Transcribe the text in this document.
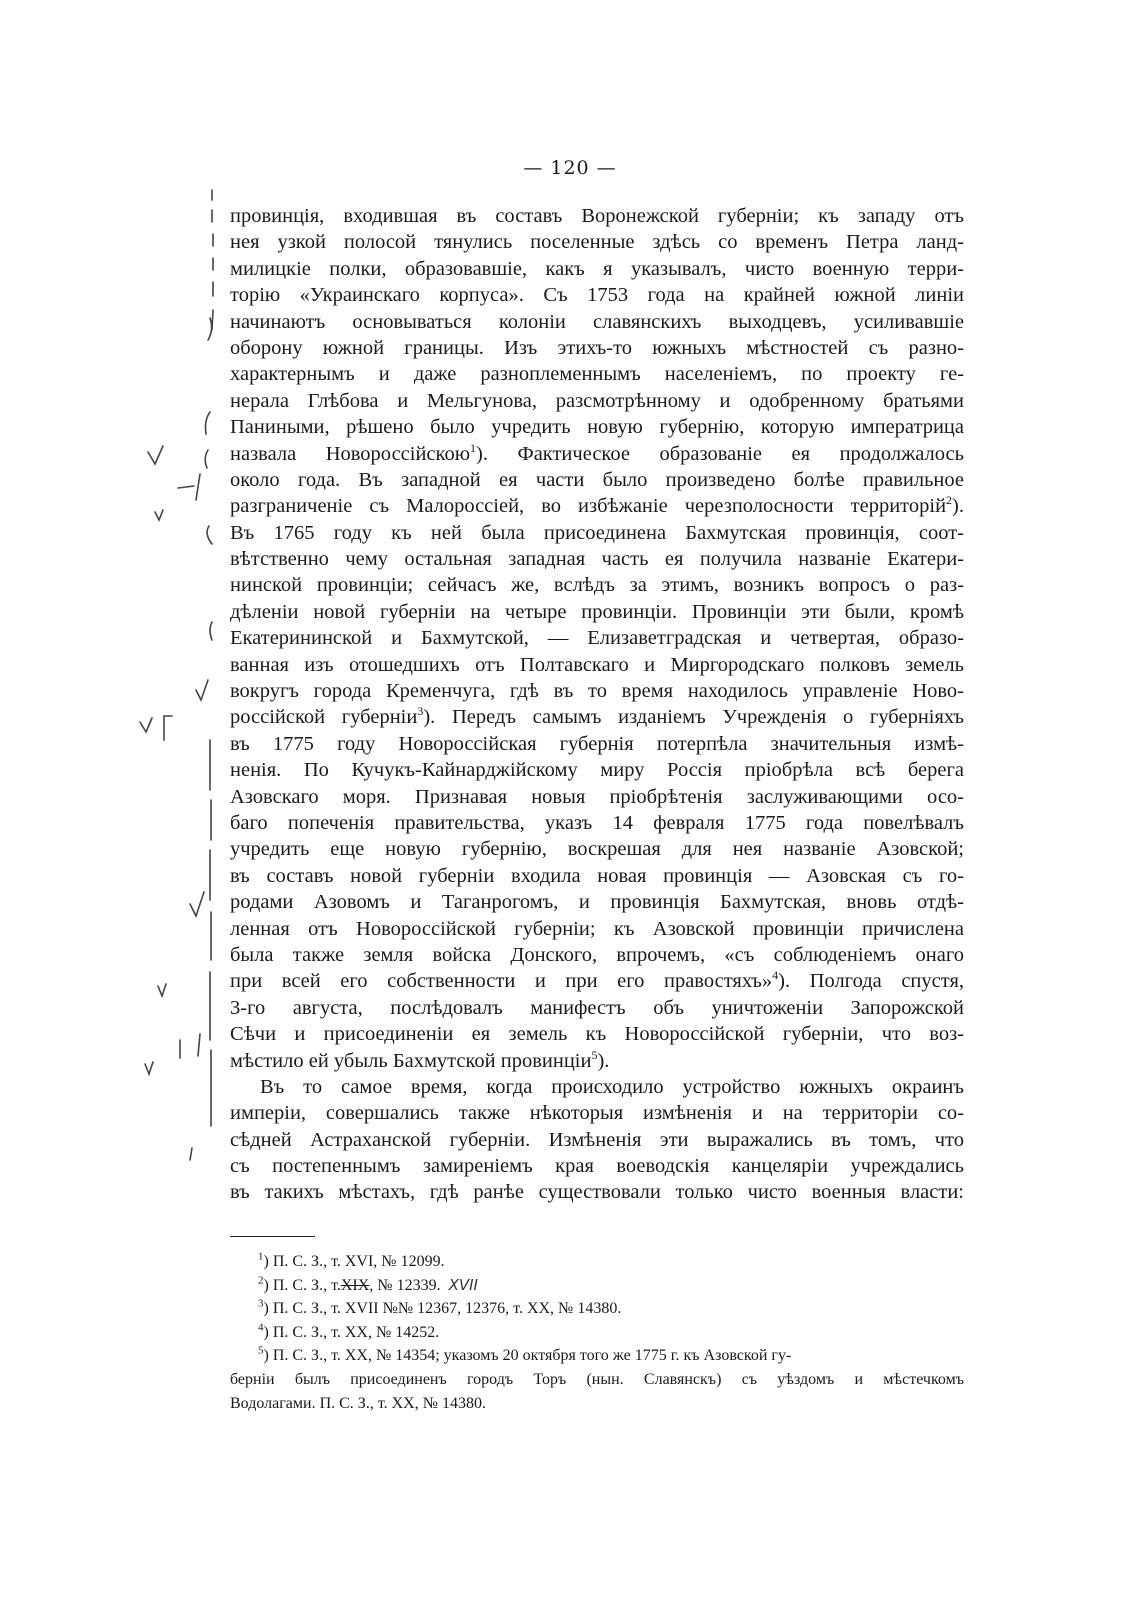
— 120 —
провинція, входившая въ составъ Воронежской губерніи; къ западу отъ
нея узкой полосой тянулись поселенные здѣсь со временъ Петра ланд-
милицкіе полки, образовавшіе, какъ я указывалъ, чисто военную терри-
торію «Украинскаго корпуса». Съ 1753 года на крайней южной линіи
начинаютъ основываться колоніи славянскихъ выходцевъ, усиливавшіе
оборону южной границы. Изъ этихъ-то южныхъ мѣстностей съ разно-
характернымъ и даже разноплеменнымъ населеніемъ, по проекту ге-
нерала Глѣбова и Мельгунова, разсмотрѣнному и одобренному братьями
Паниными, рѣшено было учредить новую губернію, которую императрица
назвала Новороссійскою$^1$). Фактическое образованіе ея продолжалось
около года. Въ западной ея части было произведено болѣе правильное
разграниченіе съ Малороссіей, во избѣжаніе черезполосности территорій$^2$).
Въ 1765 году къ ней была присоединена Бахмутская провинція, соот-
вѣтственно чему остальная западная часть ея получила названіе Екатери-
нинской провинціи; сейчасъ же, вслѣдъ за этимъ, возникъ вопросъ о раз-
дѣленіи новой губерніи на четыре провинціи. Провинціи эти были, кромѣ
Екатерининской и Бахмутской, — Елизаветградская и четвертая, образо-
ванная изъ отошедшихъ отъ Полтавскаго и Миргородскаго полковъ земель
вокругъ города Кременчуга, гдѣ въ то время находилось управленіе Ново-
россійской губерніи$^3$). Передъ самымъ изданіемъ Учрежденія о губерніяхъ
въ 1775 году Новороссійская губернія потерпѣла значительныя измѣ-
ненія. По Кучукъ-Кайнарджійскому миру Россія пріобрѣла всѣ берега
Азовскаго моря. Признавая новыя пріобрѣтенія заслуживающими осо-
баго попеченія правительства, указъ 14 февраля 1775 года повелѣвалъ
учредить еще новую губернію, воскрешая для нея названіе Азовской;
въ составъ новой губерніи входила новая провинція — Азовская съ го-
родами Азовомъ и Таганрогомъ, и провинція Бахмутская, вновь отдѣ-
ленная отъ Новороссійской губерніи; къ Азовской провинціи причислена
была также земля войска Донского, впрочемъ, «съ соблюденіемъ онаго
при всей его собственности и при его правостяхъ»$^4$). Полгода спустя,
3-го августа, послѣдовалъ манифестъ объ уничтоженіи Запорожской
Сѣчи и присоединеніи ея земель къ Новороссійской губерніи, что воз-
мѣстило ей убыль Бахмутской провинціи$^5$).
Въ то самое время, когда происходило устройство южныхъ окраинъ
имперіи, совершались также нѣкоторыя измѣненія и на территоріи со-
сѣдней Астраханской губерніи. Измѣненія эти выражались въ томъ, что
съ постепеннымъ замиреніемъ края воеводскія канцеляріи учреждались
въ такихъ мѣстахъ, гдѣ ранѣе существовали только чисто военныя власти:
$^1$) П. С. З., т. XVI, № 12099.
$^2$) П. С. З., т.XIX, № 12339. XVII
$^3$) П. С. З., т. XVII №№ 12367, 12376, т. XX, № 14380.
$^4$) П. С. З., т. XX, № 14252.
$^5$) П. С. З., т. XX, № 14354; указомъ 20 октября того же 1775 г. къ Азовской гу-
берніи былъ присоединенъ городъ Торъ (нын. Славянскъ) съ уѣздомъ и мѣстечкомъ
Водолагами. П. С. З., т. XX, № 14380.
